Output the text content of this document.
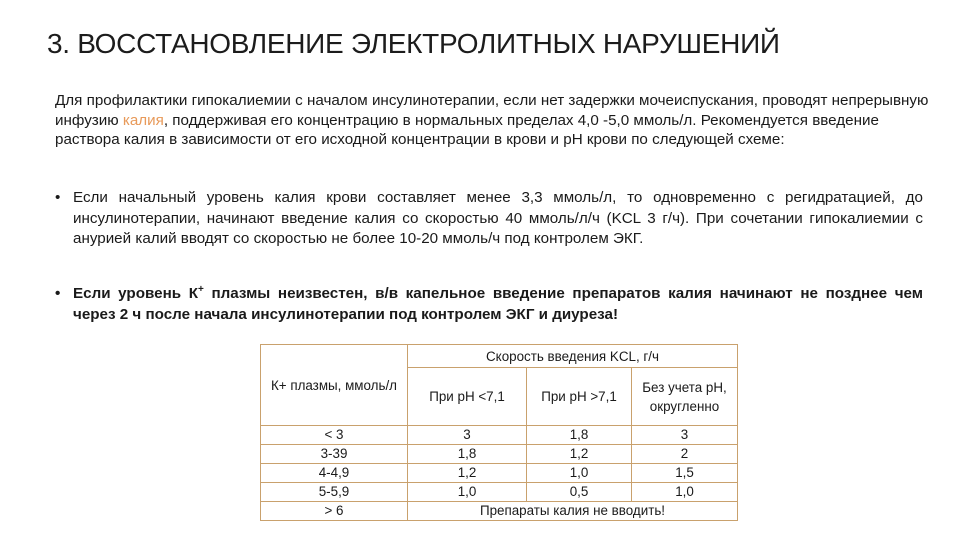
3. ВОССТАНОВЛЕНИЕ ЭЛЕКТРОЛИТНЫХ НАРУШЕНИЙ
Для профилактики гипокалиемии с началом инсулинотерапии, если нет задержки мочеиспускания, проводят непрерывную инфузию калия, поддерживая его концентрацию в нормальных пределах 4,0 -5,0 ммоль/л. Рекомендуется введение раствора калия в зависимости от его исходной концентрации в крови и рН крови по следующей схеме:
• Если начальный уровень калия крови составляет менее 3,3 ммоль/л, то одновременно с регидратацией, до инсулинотерапии, начинают введение калия со скоростью 40 ммоль/л/ч (KCL 3 г/ч). При сочетании гипокалиемии с анурией калий вводят со скоростью не более 10-20 ммоль/ч под контролем ЭКГ.
• Если уровень К+ плазмы неизвестен, в/в капельное введение препаратов калия начинают не позднее чем через 2 ч после начала инсулинотерапии под контролем ЭКГ и диуреза!
К+ плазмы, ммоль/л	Скорость введения KCL, г/ч		
	При рН <7,1	При рН >7,1	Без учета рН, округленно
< 3	3	1,8	3
3-39	1,8	1,2	2
4-4,9	1,2	1,0	1,5
5-5,9	1,0	0,5	1,0
> 6	Препараты калия не вводить!		
